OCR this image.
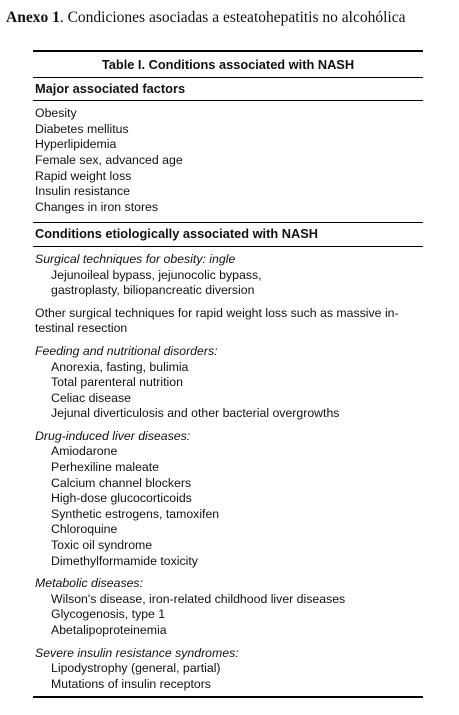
Anexo 1. Condiciones asociadas a esteatohepatitis no alcohólica
Table I. Conditions associated with NASH
Major associated factors
Obesity
Diabetes mellitus
Hyperlipidemia
Female sex, advanced age
Rapid weight loss
Insulin resistance
Changes in iron stores
Conditions etiologically associated with NASH
Surgical techniques for obesity: ingle
Jejunoileal bypass, jejunocolic bypass,
gastroplasty, biliopancreatic diversion
Other surgical techniques for rapid weight loss such as massive in-testinal resection
Feeding and nutritional disorders:
Anorexia, fasting, bulimia
Total parenteral nutrition
Celiac disease
Jejunal diverticulosis and other bacterial overgrowths
Drug-induced liver diseases:
Amiodarone
Perhexiline maleate
Calcium channel blockers
High-dose glucocorticoids
Synthetic estrogens, tamoxifen
Chloroquine
Toxic oil syndrome
Dimethylformamide toxicity
Metabolic diseases:
Wilson's disease, iron-related childhood liver diseases
Glycogenosis, type 1
Abetalipoproteinemia
Severe insulin resistance syndromes:
Lipodystrophy (general, partial)
Mutations of insulin receptors
